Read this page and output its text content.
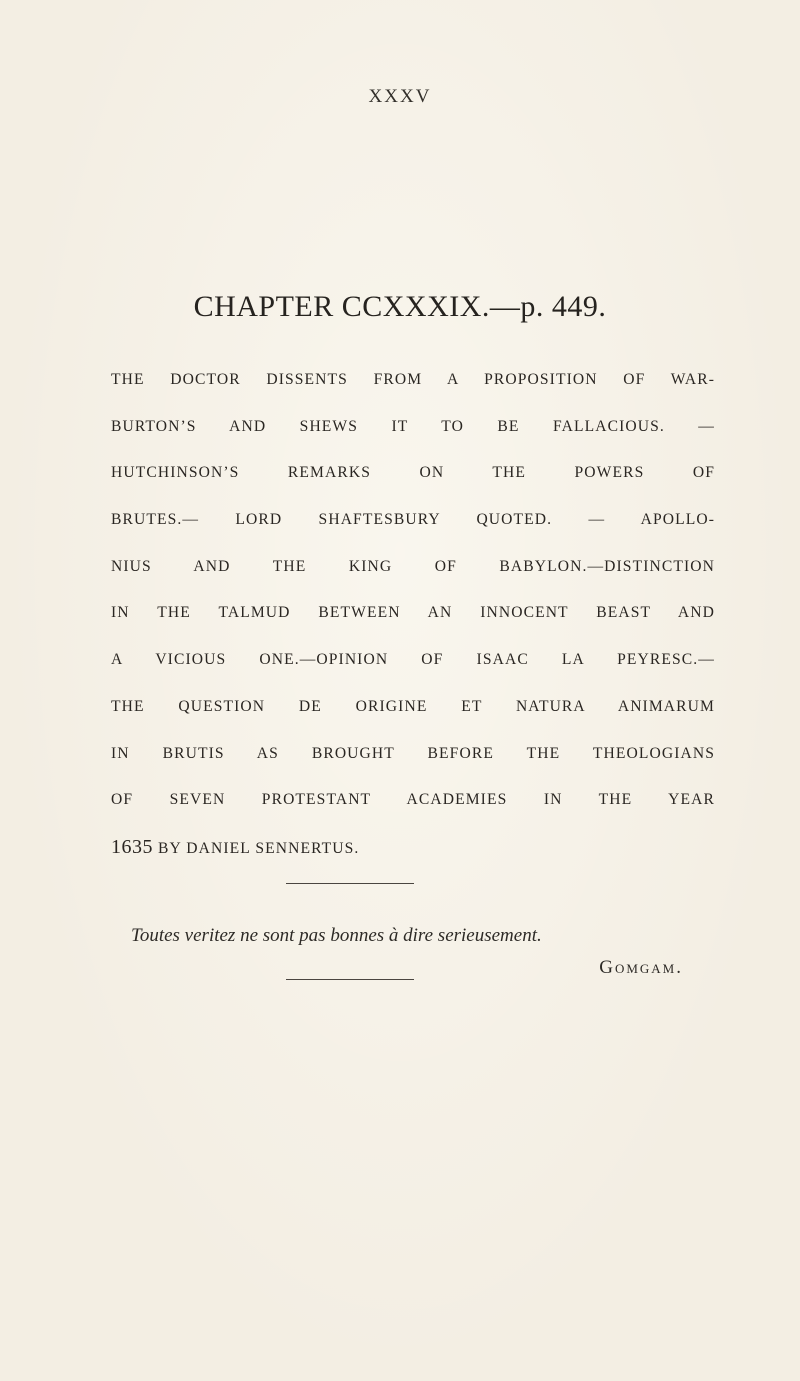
XXXV
CHAPTER CCXXXIX.—p. 449.
THE DOCTOR DISSENTS FROM A PROPOSITION OF WAR-
BURTON’S AND SHEWS IT TO BE FALLACIOUS. —
HUTCHINSON’S REMARKS ON THE POWERS OF
BRUTES.— LORD SHAFTESBURY QUOTED. — APOLLO-
NIUS AND THE KING OF BABYLON.—DISTINCTION
IN THE TALMUD BETWEEN AN INNOCENT BEAST AND
A VICIOUS ONE.—OPINION OF ISAAC LA PEYRESC.—
THE QUESTION DE ORIGINE ET NATURA ANIMARUM
IN BRUTIS AS BROUGHT BEFORE THE THEOLOGIANS
OF SEVEN PROTESTANT ACADEMIES IN THE YEAR
1635 BY DANIEL SENNERTUS.
Toutes veritez ne sont pas bonnes à dire serieusement.
Gomgam.
